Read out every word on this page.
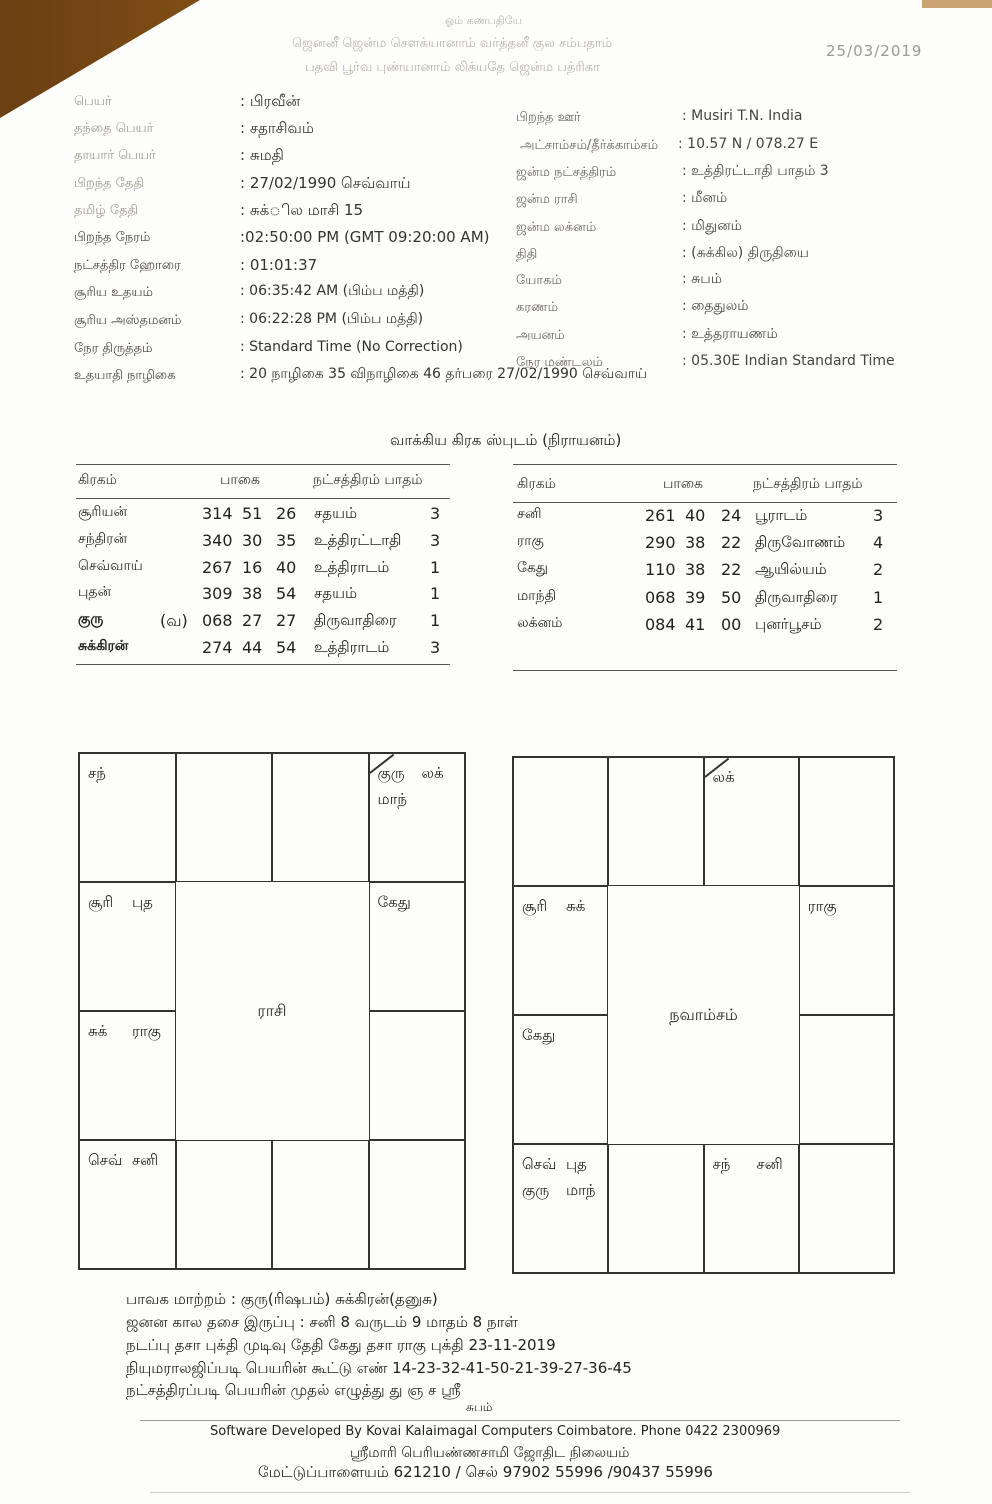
ஓம் கணபதியே
ஜெனனீ ஜென்ம சௌக்யானாம் வர்த்தனீ குல சம்பதாம்
பதவி பூர்வ புண்யானாம் லிக்யதே ஜென்ம பத்ரிகா
25/03/2019
பெயர்	: பிரவீன்
தந்தை பெயர்	: சதாசிவம்
தாயார் பெயர்	: சுமதி
பிறந்த தேதி	: 27/02/1990 செவ்வாய்
தமிழ் தேதி	: சுக்ில மாசி 15
பிறந்த நேரம்	:02:50:00 PM (GMT 09:20:00 AM)
நட்சத்திர ஹோரை	: 01:01:37
சூரிய உதயம்	: 06:35:42 AM (பிம்ப மத்தி)
சூரிய அஸ்தமனம்	: 06:22:28 PM (பிம்ப மத்தி)
நேர திருத்தம்	: Standard Time (No Correction)
உதயாதி நாழிகை	: 20 நாழிகை 35 விநாழிகை 46 தர்பரை 27/02/1990 செவ்வாய்
பிறந்த ஊர்	: Musiri T.N. India
அட்சாம்சம்/தீர்க்காம்சம் : 10.57 N / 078.27 E
ஜன்ம நட்சத்திரம்	: உத்திரட்டாதி பாதம் 3
ஜன்ம ராசி	: மீனம்
ஜன்ம லக்னம்	: மிதுனம்
திதி	: (சுக்கில) திருதியை
யோகம்	: சுபம்
கரணம்	: தைதுலம்
அயனம்	: உத்தராயணம்
நேர மண்டலம்	: 05.30E Indian Standard Time
வாக்கிய கிரக ஸ்புடம் (நிராயனம்)
கிரகம்	பாகை	நட்சத்திரம் பாதம்
சூரியன்	314 51 26 சதயம்	3
சந்திரன்	340 30 35 உத்திரட்டாதி 3
செவ்வாய்	267 16 40 உத்திராடம்	1
புதன்	309 38 54 சதயம்	1
குரு	(வ) 068 27 27 திருவாதிரை 1
சுக்கிரன்	274 44 54 உத்திராடம்	3
கிரகம்	பாகை	நட்சத்திரம் பாதம்
சனி	261 40 24 பூராடம்	3
ராகு	290 38 22 திருவோணம் 4
கேது	110 38 22 ஆயில்யம்	2
மாந்தி	068 39 50 திருவாதிரை 1
லக்னம்	084 41 00 புனர்பூசம்	2
சந்	குரு லக்
மாந்
சூரி புத	கேது
சுக் ராகு
செவ் சனி
ராசி
லக்
சூரி சுக்	ராகு
கேது
செவ் புத
குரு மாந்
சந் சனி
நவாம்சம்
பாவக மாற்றம் : குரு(ரிஷபம்) சுக்கிரன்(தனுசு)
ஜனன கால தசை இருப்பு : சனி 8 வருடம் 9 மாதம் 8 நாள்
நடப்பு தசா புக்தி முடிவு தேதி கேது தசா ராகு புக்தி 23-11-2019
நியுமராலஜிப்படி பெயரின் கூட்டு எண் 14-23-32-41-50-21-39-27-36-45
நட்சத்திரப்படி பெயரின் முதல் எழுத்து து ஞ ச ஸ்ரீ
சுபம்
Software Developed By Kovai Kalaimagal Computers Coimbatore. Phone 0422 2300969
ஸ்ரீமாரி பெரியண்ணசாமி ஜோதிட நிலையம்
மேட்டுப்பாளையம் 621210 / செல் 97902 55996 /90437 55996
